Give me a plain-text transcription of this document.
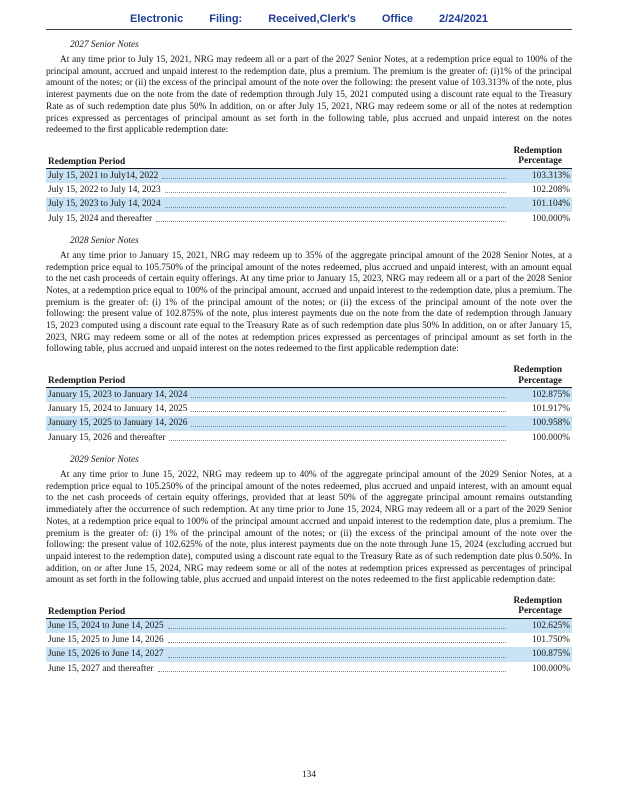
Electronic Filing: Received,Clerk's Office 2/24/2021
2027 Senior Notes

At any time prior to July 15, 2021, NRG may redeem all or a part of the 2027 Senior Notes, at a redemption price equal to 100% of the principal amount, accrued and unpaid interest to the redemption date, plus a premium. The premium is the greater of: (i)1% of the principal amount of the notes; or (ii) the excess of the principal amount of the note over the following: the present value of 103.313% of the note, plus interest payments due on the note from the date of redemption through July 15, 2021 computed using a discount rate equal to the Treasury Rate as of such redemption date plus 50% In addition, on or after July 15, 2021, NRG may redeem some or all of the notes at redemption prices expressed as percentages of principal amount as set forth in the following table, plus accrued and unpaid interest on the notes redeemed to the first applicable redemption date:

Redemption Period
Redemption
Percentage
July 15, 2021 to July14, 2022	103.313%
July 15, 2022 to July 14, 2023	102.208%
July 15, 2023 to July 14, 2024	101.104%
July 15, 2024 and thereafter	100.000%
2028 Senior Notes

At any time prior to January 15, 2021, NRG may redeem up to 35% of the aggregate principal amount of the 2028 Senior Notes, at a redemption price equal to 105.750% of the principal amount of the notes redeemed, plus accrued and unpaid interest, with an amount equal to the net cash proceeds of certain equity offerings. At any time prior to January 15, 2023, NRG may redeem all or a part of the 2028 Senior Notes, at a redemption price equal to 100% of the principal amount, accrued and unpaid interest to the redemption date, plus a premium. The premium is the greater of: (i) 1% of the principal amount of the notes; or (ii) the excess of the principal amount of the note over the following: the present value of 102.875% of the note, plus interest payments due on the note from the date of redemption through January 15, 2023 computed using a discount rate equal to the Treasury Rate as of such redemption date plus 50% In addition, on or after January 15, 2023, NRG may redeem some or all of the notes at redemption prices expressed as percentages of principal amount as set forth in the following table, plus accrued and unpaid interest on the notes redeemed to the first applicable redemption date:

Redemption Period
Redemption
Percentage
January 15, 2023 to January 14, 2024	102.875%
January 15, 2024 to January 14, 2025	101.917%
January 15, 2025 to January 14, 2026	100.958%
January 15, 2026 and thereafter	100.000%
2029 Senior Notes

At any time prior to June 15, 2022, NRG may redeem up to 40% of the aggregate principal amount of the 2029 Senior Notes, at a redemption price equal to 105.250% of the principal amount of the notes redeemed, plus accrued and unpaid interest, with an amount equal to the net cash proceeds of certain equity offerings, provided that at least 50% of the aggregate principal amount remains outstanding immediately after the occurrence of such redemption. At any time prior to June 15, 2024, NRG may redeem all or a part of the 2029 Senior Notes, at a redemption price equal to 100% of the principal amount accrued and unpaid interest to the redemption date, plus a premium. The premium is the greater of: (i) 1% of the principal amount of the notes; or (ii) the excess of the principal amount of the note over the following: the present value of 102.625% of the note, plus interest payments due on the note through June 15, 2024 (excluding accrued but unpaid interest to the redemption date), computed using a discount rate equal to the Treasury Rate as of such redemption date plus 0.50%. In addition, on or after June 15, 2024, NRG may redeem some or all of the notes at redemption prices expressed as percentages of principal amount as set forth in the following table, plus accrued and unpaid interest on the notes redeemed to the first applicable redemption date:

Redemption Period
Redemption
Percentage
June 15, 2024 to June 14, 2025	102.625%
June 15, 2025 to June 14, 2026	101.750%
June 15, 2026 to June 14, 2027	100.875%
June 15, 2027 and thereafter	100.000%
134
